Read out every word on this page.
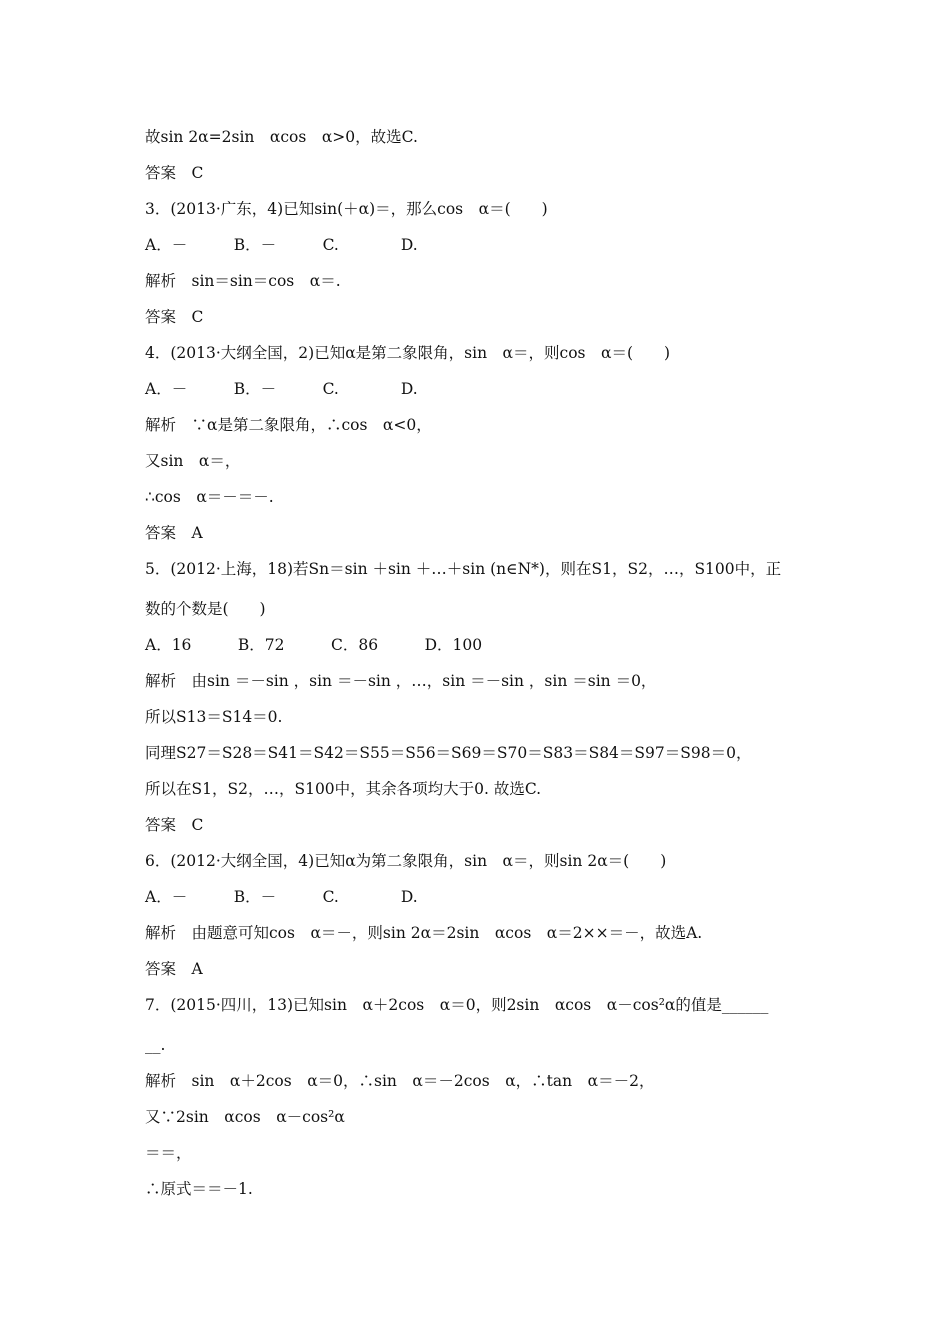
故sin 2α=2sin　αcos　α>0，故选C.
答案　C
3．(2013·广东，4)已知sin(＋α)＝，那么cos　α＝(　　)
A．－　　　B．－　　　C.　　　　D.
解析　sin＝sin＝cos　α＝.
答案　C
4．(2013·大纲全国，2)已知α是第二象限角，sin　α＝，则cos　α＝(　　)
A．－　　　B．－　　　C.　　　　D.
解析　∵α是第二象限角，∴cos　α<0，
又sin　α＝，
∴cos　α＝－＝－.
答案　A
5．(2012·上海，18)若Sn＝sin ＋sin ＋…＋sin (n∈N*)，则在S1，S2，…，S100中，正
数的个数是(　　)
A．16　　　B．72　　　C．86　　　D．100
解析　由sin ＝－sin ，sin ＝－sin ，…，sin ＝－sin ，sin ＝sin ＝0，
所以S13＝S14＝0.
同理S27＝S28＝S41＝S42＝S55＝S56＝S69＝S70＝S83＝S84＝S97＝S98＝0，
所以在S1，S2，…，S100中，其余各项均大于0. 故选C.
答案　C
6．(2012·大纲全国，4)已知α为第二象限角，sin　α＝，则sin 2α＝(　　)
A．－　　　B．－　　　C.　　　　D.
解析　由题意可知cos　α＝－，则sin 2α＝2sin　αcos　α＝2××＝－，故选A.
答案　A
7．(2015·四川，13)已知sin　α＋2cos　α＝0，则2sin　αcos　α－cos²α的值是______
__.
解析　sin　α＋2cos　α＝0，∴sin　α＝－2cos　α，∴tan　α＝－2，
又∵2sin　αcos　α－cos²α
＝＝，
∴原式＝＝－1.
